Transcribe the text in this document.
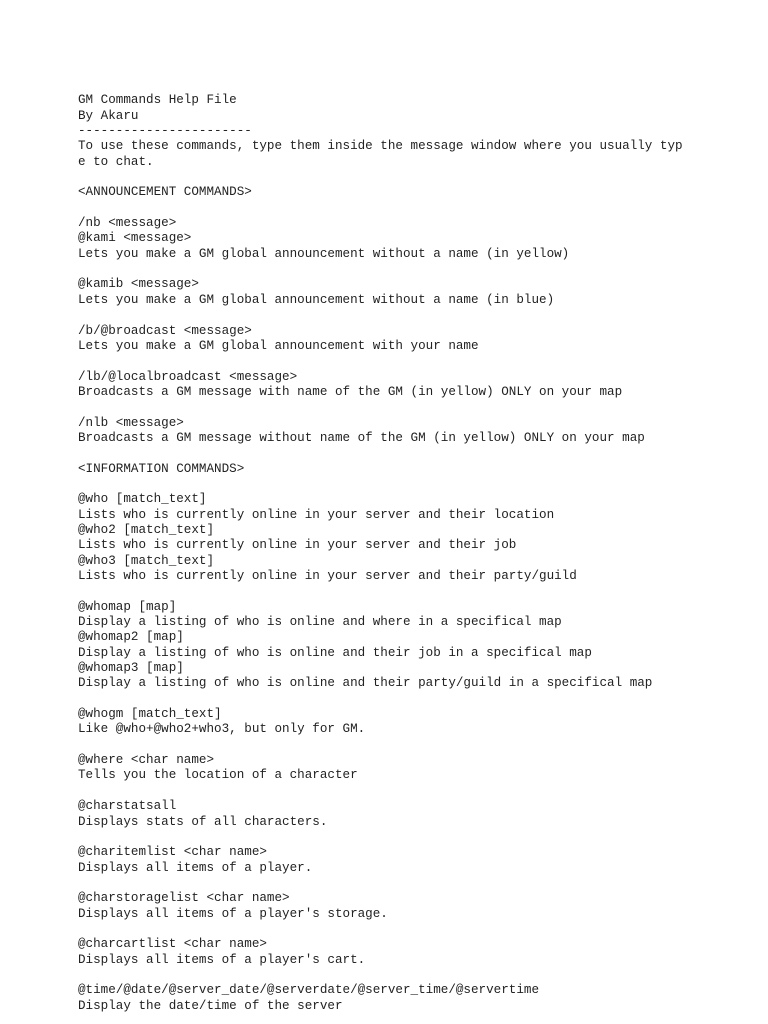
GM Commands Help File
By Akaru
-----------------------
To use these commands, type them inside the message window where you usually typ
e to chat.
<ANNOUNCEMENT COMMANDS>
/nb <message>
@kami <message>
Lets you make a GM global announcement without a name (in yellow)
@kamib <message>
Lets you make a GM global announcement without a name (in blue)
/b/@broadcast <message>
Lets you make a GM global announcement with your name
/lb/@localbroadcast <message>
Broadcasts a GM message with name of the GM (in yellow) ONLY on your map
/nlb <message>
Broadcasts a GM message without name of the GM (in yellow) ONLY on your map
<INFORMATION COMMANDS>
@who [match_text]
Lists who is currently online in your server and their location
@who2 [match_text]
Lists who is currently online in your server and their job
@who3 [match_text]
Lists who is currently online in your server and their party/guild
@whomap [map]
Display a listing of who is online and where in a specifical map
@whomap2 [map]
Display a listing of who is online and their job in a specifical map
@whomap3 [map]
Display a listing of who is online and their party/guild in a specifical map
@whogm [match_text]
Like @who+@who2+who3, but only for GM.
@where <char name>
Tells you the location of a character
@charstatsall
Displays stats of all characters.
@charitemlist <char name>
Displays all items of a player.
@charstoragelist <char name>
Displays all items of a player's storage.
@charcartlist <char name>
Displays all items of a player's cart.
@time/@date/@server_date/@serverdate/@server_time/@servertime
Display the date/time of the server
